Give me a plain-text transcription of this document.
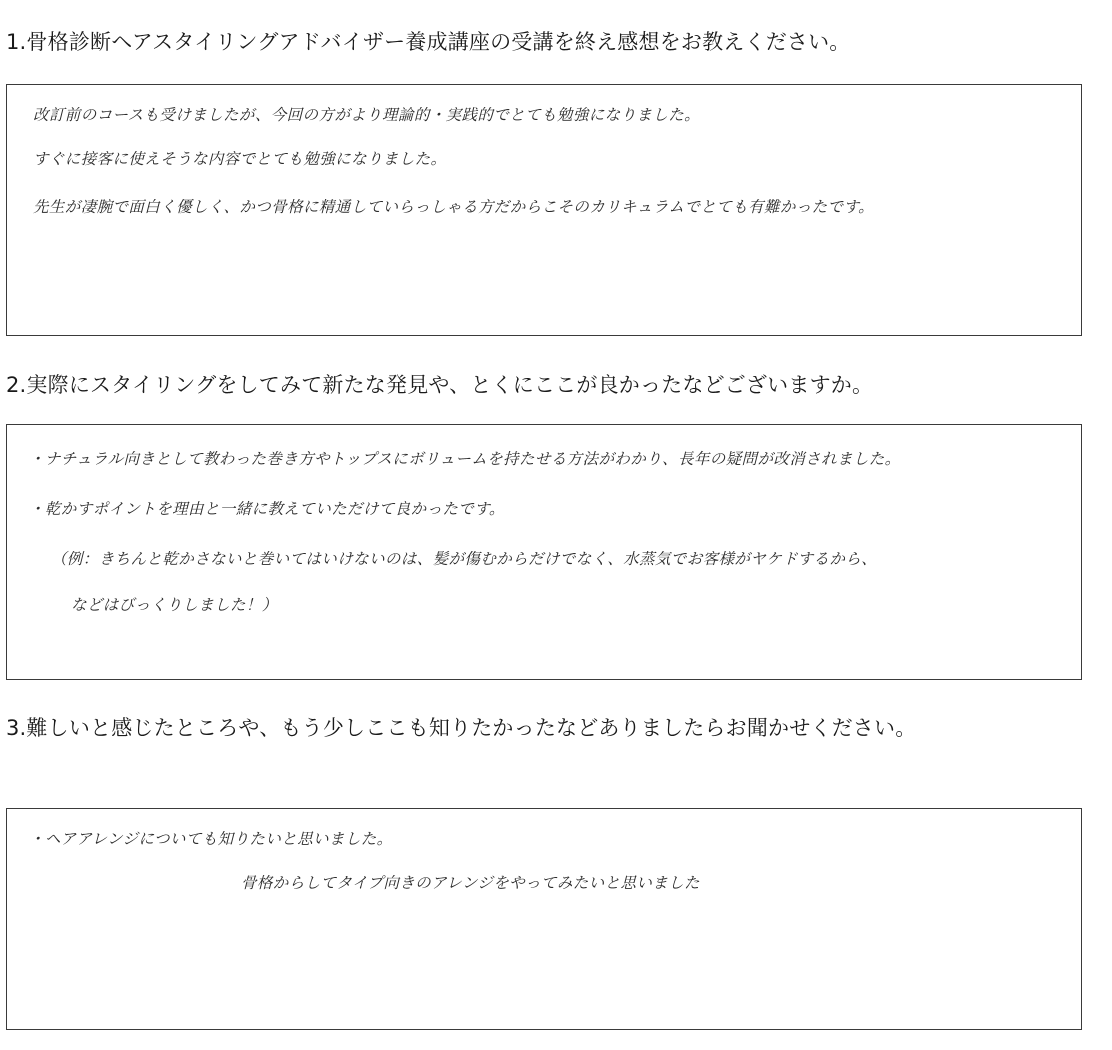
1.骨格診断ヘアスタイリングアドバイザー養成講座の受講を終え感想をお教えください。
改訂前のコースも受けましたが、今回の方がより理論的・実践的でとても勉強になりました。
すぐに接客に使えそうな内容でとても勉強になりました。
先生が凄腕で面白く優しく、かつ骨格に精通していらっしゃる方だからこそのカリキュラムでとても有難かったです。
2.実際にスタイリングをしてみて新たな発見や、とくにここが良かったなどございますか。
・ナチュラル向きとして教わった巻き方やトップスにボリュームを持たせる方法がわかり、長年の疑問が改消されました。
・乾かすポイントを理由と一緒に教えていただけて良かったです。
（例：きちんと乾かさないと巻いてはいけないのは、髪が傷むからだけでなく、水蒸気でお客様がヤケドするから、
などはびっくりしました！）
3.難しいと感じたところや、もう少しここも知りたかったなどありましたらお聞かせください。
・ヘアアレンジについても知りたいと思いました。
骨格からしてタイプ向きのアレンジをやってみたいと思いました
